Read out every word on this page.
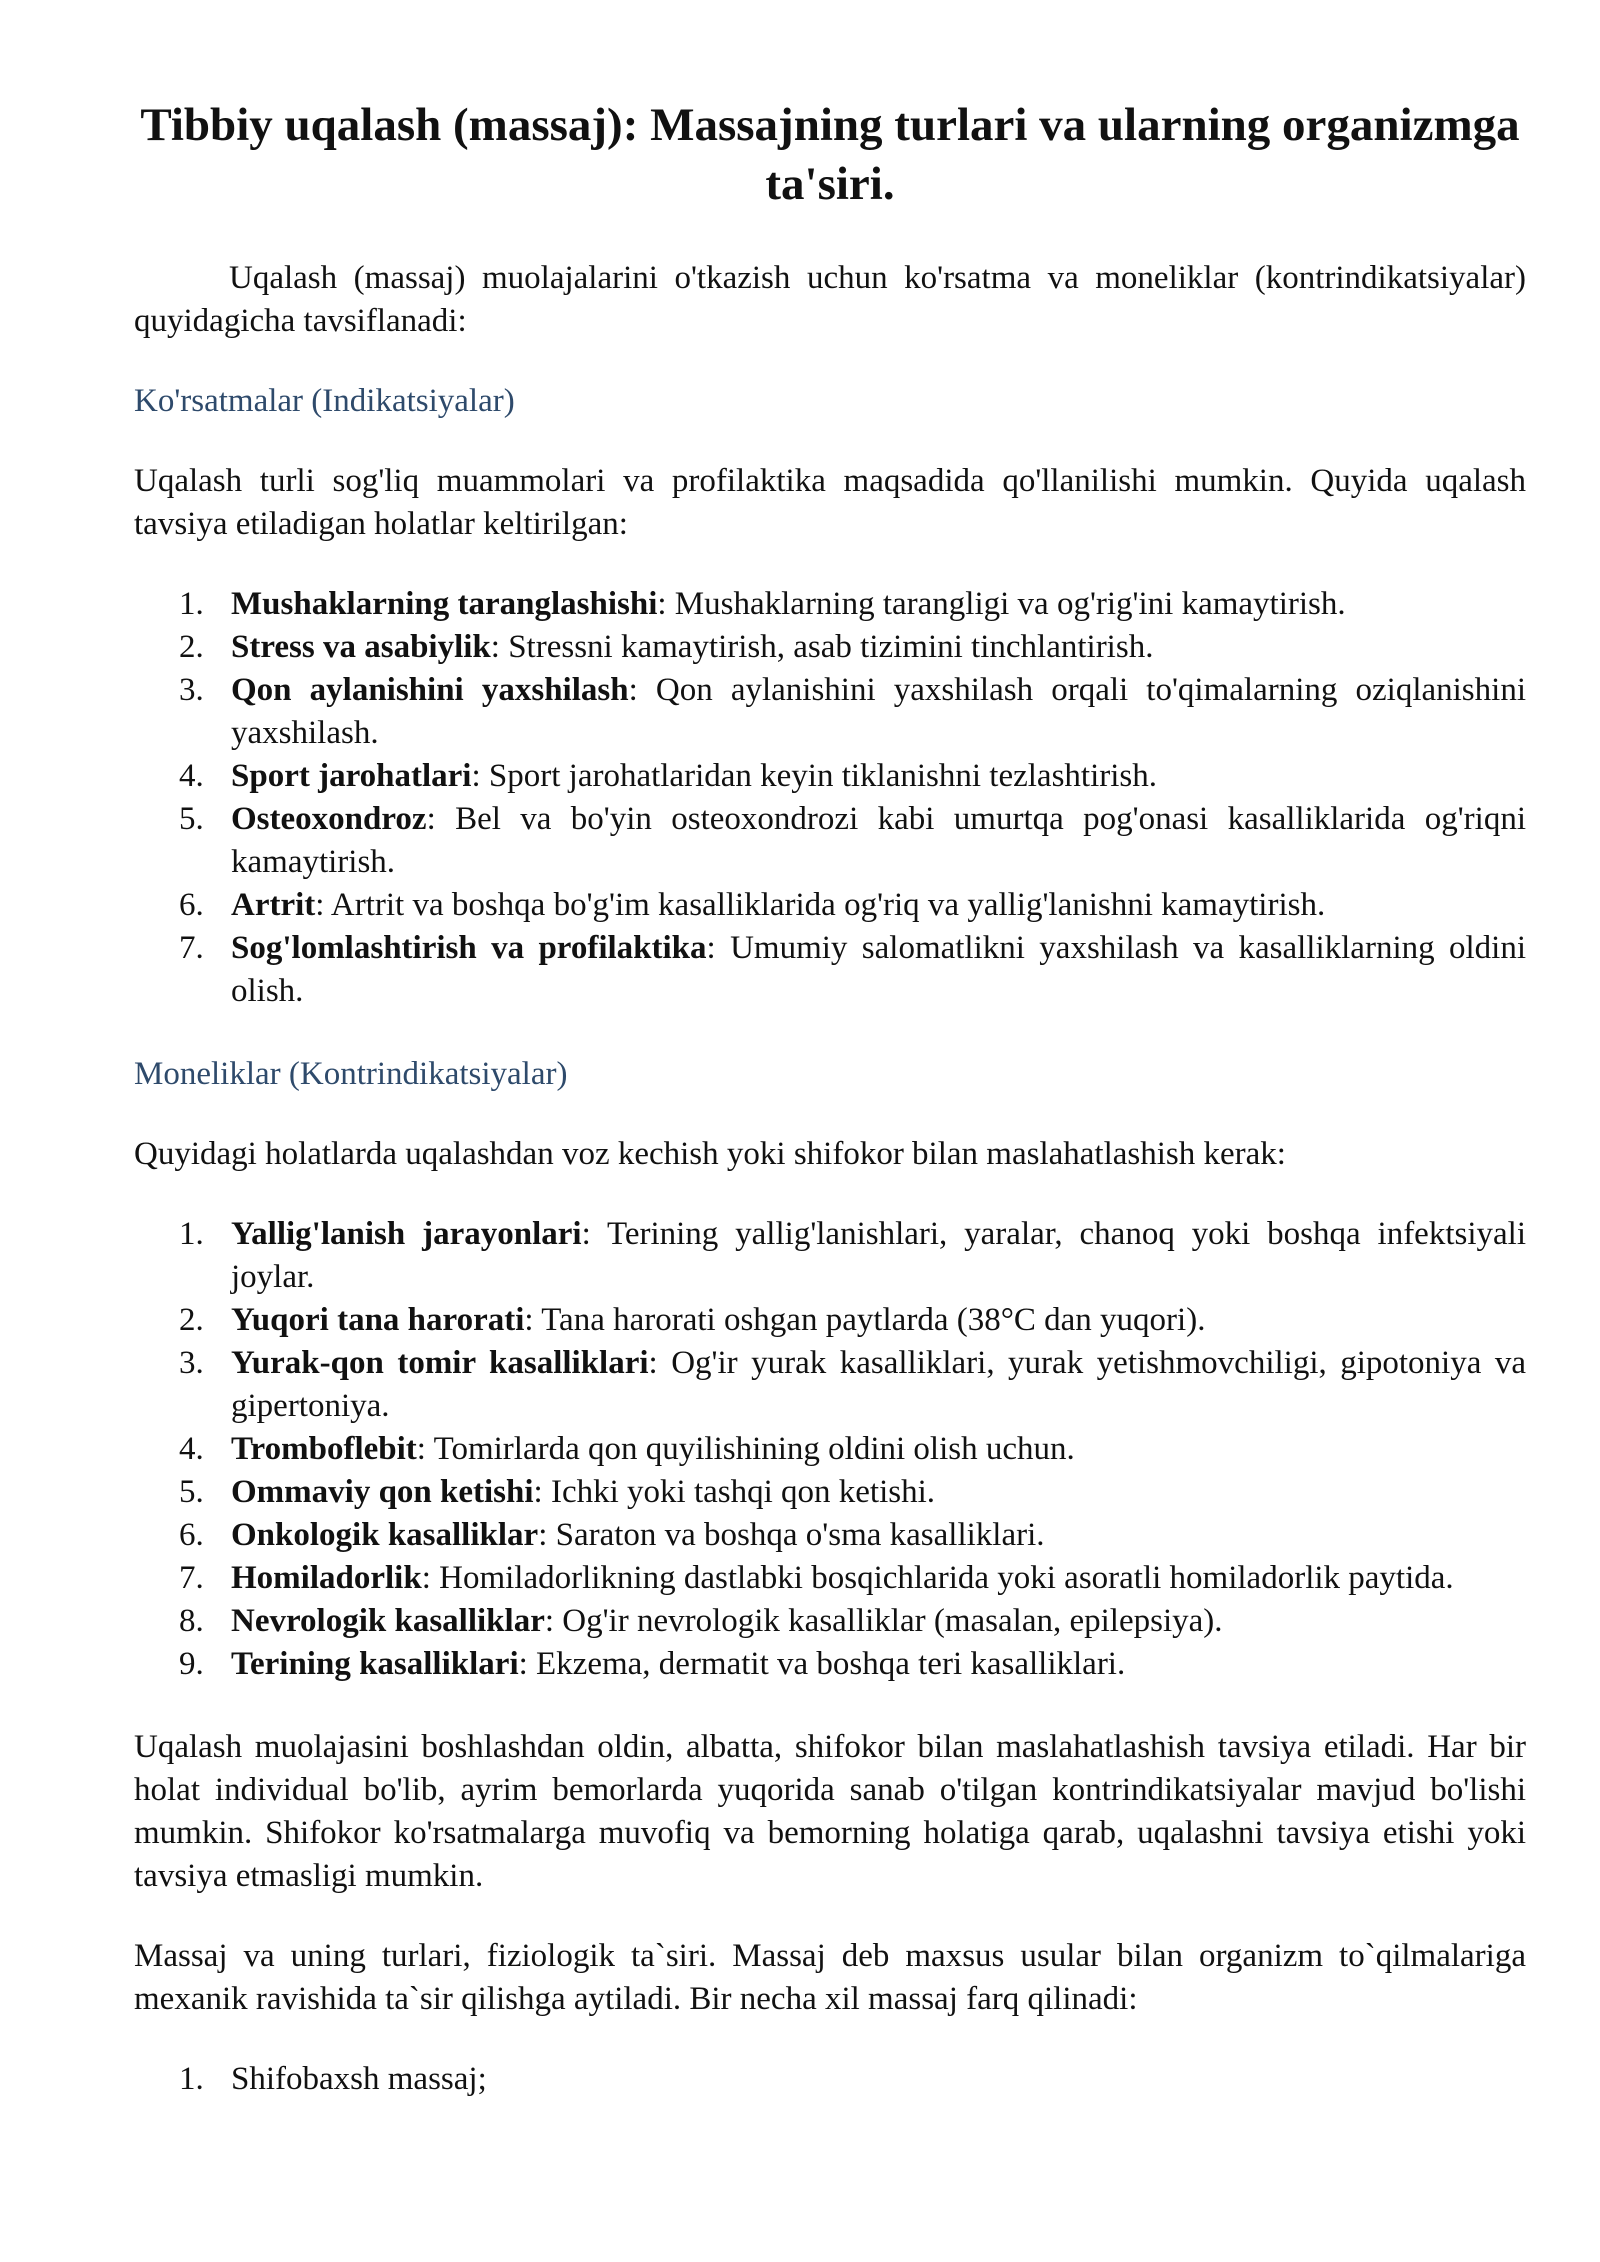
Tibbiy uqalash (massaj): Massajning turlari va ularning organizmga ta'siri.

Uqalash (massaj) muolajalarini o'tkazish uchun ko'rsatma va moneliklar (kontrindikatsiyalar) quyidagicha tavsiflanadi:

Ko'rsatmalar (Indikatsiyalar)

Uqalash turli sog'liq muammolari va profilaktika maqsadida qo'llanilishi mumkin. Quyida uqalash tavsiya etiladigan holatlar keltirilgan:

1. Mushaklarning taranglashishi: Mushaklarning tarangligi va og'rig'ini kamaytirish.
2. Stress va asabiylik: Stressni kamaytirish, asab tizimini tinchlantirish.
3. Qon aylanishini yaxshilash: Qon aylanishini yaxshilash orqali to'qimalarning oziqlanishini yaxshilash.
4. Sport jarohatlari: Sport jarohatlaridan keyin tiklanishni tezlashtirish.
5. Osteoxondroz: Bel va bo'yin osteoxondrozi kabi umurtqa pog'onasi kasalliklarida og'riqni kamaytirish.
6. Artrit: Artrit va boshqa bo'g'im kasalliklarida og'riq va yallig'lanishni kamaytirish.
7. Sog'lomlashtirish va profilaktika: Umumiy salomatlikni yaxshilash va kasalliklarning oldini olish.

Moneliklar (Kontrindikatsiyalar)

Quyidagi holatlarda uqalashdan voz kechish yoki shifokor bilan maslahatlashish kerak:

1. Yallig'lanish jarayonlari: Terining yallig'lanishlari, yaralar, chanoq yoki boshqa infektsiyali joylar.
2. Yuqori tana harorati: Tana harorati oshgan paytlarda (38°C dan yuqori).
3. Yurak-qon tomir kasalliklari: Og'ir yurak kasalliklari, yurak yetishmovchiligi, gipotoniya va gipertoniya.
4. Tromboflebit: Tomirlarda qon quyilishining oldini olish uchun.
5. Ommaviy qon ketishi: Ichki yoki tashqi qon ketishi.
6. Onkologik kasalliklar: Saraton va boshqa o'sma kasalliklari.
7. Homiladorlik: Homiladorlikning dastlabki bosqichlarida yoki asoratli homiladorlik paytida.
8. Nevrologik kasalliklar: Og'ir nevrologik kasalliklar (masalan, epilepsiya).
9. Terining kasalliklari: Ekzema, dermatit va boshqa teri kasalliklari.

Uqalash muolajasini boshlashdan oldin, albatta, shifokor bilan maslahatlashish tavsiya etiladi. Har bir holat individual bo'lib, ayrim bemorlarda yuqorida sanab o'tilgan kontrindikatsiyalar mavjud bo'lishi mumkin. Shifokor ko'rsatmalarga muvofiq va bemorning holatiga qarab, uqalashni tavsiya etishi yoki tavsiya etmasligi mumkin.

Massaj va uning turlari, fiziologik ta`siri. Massaj deb maxsus usular bilan organizm to`qilmalariga mexanik ravishida ta`sir qilishga aytiladi. Bir necha xil massaj farq qilinadi:

1. Shifobaxsh massaj;
